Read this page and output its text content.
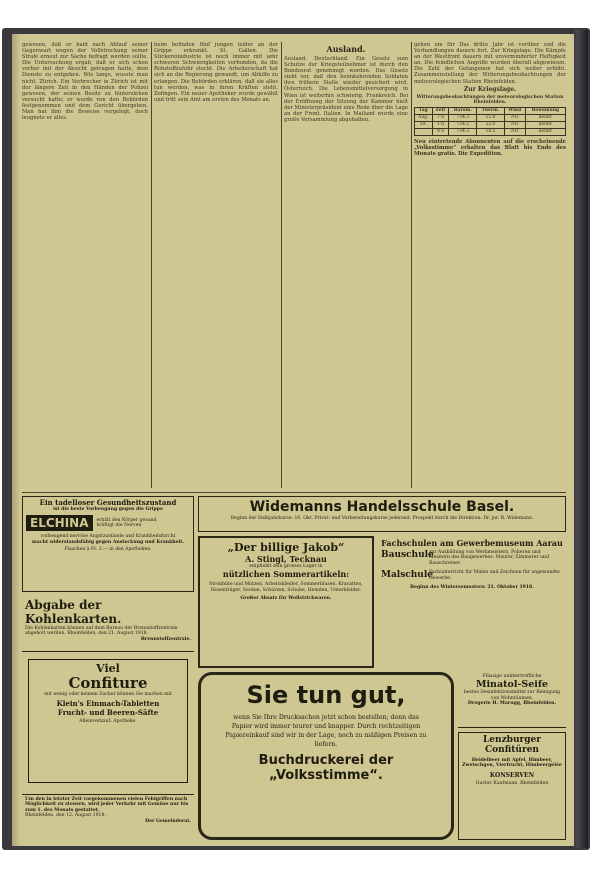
gewesen, daß er bald nach Ablauf seiner Gegenwart wegen der Vollstreckung seiner Strafe erneut zur Sache befragt werden sollte. Die Untersuchung ergab, daß er sich schon vorher mit der Absicht getragen hatte, dem Dienste zu entgehen. Wie lange, wusste man nicht. Zürich. Ein Verbrecher in Zürich ist mit der längere Zeit in den Händen der Polizei gewesen, der seinen Besitz zu hinterziehen versucht hatte; er wurde von den Behörden festgenommen und dem Gericht übergeben. Man hat ihm die Beweise vorgelegt, doch leugnete er alles.

heim befinden fünf jungen leider an der Grippe erkrankt. St. Gallen. Die Stickereiindustrie ist noch immer mit sehr schweren Schwierigkeiten verbunden, da die Rohstoffzufuhr stockt. Die Arbeiterschaft hat sich an die Regierung gewandt, um Abhilfe zu erlangen. Die Behörden erklären, daß sie alles tun werden, was in ihren Kräften steht. Zofingen. Ein neuer Apotheker wurde gewählt und tritt sein Amt am ersten des Monats an.

Ausland.

Ausland. Deutschland. Ein Gesetz zum Schutze der Kriegsteilnehmer ist durch den Bundesrat genehmigt worden. Das Gesetz sieht vor, daß den heimkehrenden Soldaten ihre frühere Stelle wieder gesichert wird. Österreich. Die Lebensmittelversorgung in Wien ist weiterhin schwierig. Frankreich. Bei der Eröffnung der Sitzung der Kammer hielt der Ministerpräsident eine Rede über die Lage an der Front. Italien. In Mailand wurde eine große Versammlung abgehalten.

gehen um Ihr Das dritte Jahr ist vorüber und die Verhandlungen dauern fort. Zur Kriegslage. Die Kämpfe an der Westfront dauern mit unverminderter Heftigkeit an. Die feindlichen Angriffe wurden überall abgewiesen. Die Zahl der Gefangenen hat sich weiter erhöht. Zusammenstellung der Witterungsbeobachtungen der meteorologischen Station Rheinfelden.

Zur Kriegslage.
Witterungsbeobachtungen der meteorologischen Station Rheinfelden.
Tag	Zeit	Barom.	Therm.	Wind	Bewölkung
Aug.	7 h	734.3	15.8	NO	heiter
20.	1 h	734.2	22.0	NO	heiter
	9 h	734.3	18.5	NO	heiter

Neu eintretende Abonnenten auf die erscheinende „Volksstimme“ erhalten das Blatt bis Ende des Monats gratis. Die Expedition.

Ein tadelloser Gesundheitszustand
ist die beste Vorbeugung gegen die Grippe
ELCHINA	erhält den Körper gesund kräftigt die Nerven
vorbeugend nervöse Angstzustände und Krankheitsfurcht
macht widerstandsfähig gegen Ansteckung und Krankheit.
Flaschen à Fr. 3.— in den Apotheken.
Widemanns Handelsschule Basel.
Beginn der Halbjahrkurse: 16. Okt. Privat- und Vorbereitungskurse jederzeit. Prospekt durch die Direktion: Dr. jur. R. Widemann.
Abgabe der Kohlenkarten.
Die Kohlenkarten können auf dem Bureau der Brennstoffzentrale abgeholt werden. Rheinfelden, den 21. August 1918.
Brennstoffzentrale.
„Der billige Jakob“
A. Stingl, Tecknau
empfiehlt sein grosses Lager in
nützlichen Sommerartikeln:
Strohhüte und Mützen, Arbeitskleider, Sommerblusen, Kravatten, Hosenträger, Socken, Schürzen, Schuhe, Hemden, Unterkleider.
Großer Absatz für Wollstrickwaren.
Fachschulen am Gewerbemuseum Aarau
Bauschule
zur Ausbildung von Werkmeistern, Polieren und Meistern des Baugewerbes: Maurer, Zimmerer und Bauschreiner.
Malschule
Fachunterricht für Malen und Zeichnen für angewandte Gewerbe.
Beginn des Wintersemesters: 21. Oktober 1918.
Viel
Confiture
mit wenig oder keinem Zucker können Sie machen mit
Klein's Einmach-Tabletten
Frucht- und Beeren-Säfte
Alleinverkauf: Apotheke.
Sie tun gut,
wenn Sie Ihre Drucksachen jetzt schon bestellen; denn das Papier wird immer teurer und knapper. Durch rechtzeitigen Papiereinkauf sind wir in der Lage, noch zu mäßigen Preisen zu liefern.
Buchdruckerei der
„Volksstimme“.
Flüssige unübertreffliche
Minatol-Seife
bestes Desinfektionsmittel zur Reinigung von Wohnräumen.
Drogerie H. Marugg, Rheinfelden.
Lenzburger Confitüren
Heidelbeer mit Apfel, Himbeer, Zwetschgen, Vierfrucht, Himbeergelée
KONSERVEN
Gustav Kaufmann, Rheinfelden
Um den in letzter Zeit vorgekommenen vielen Fehlgriffen nach Möglichkeit zu steuern, wird jeder Verkehr mit Gemüse nur bis zum 1. des Monats gestattet.
Rheinfelden, den 12. August 1918.
Der Gemeinderat.
